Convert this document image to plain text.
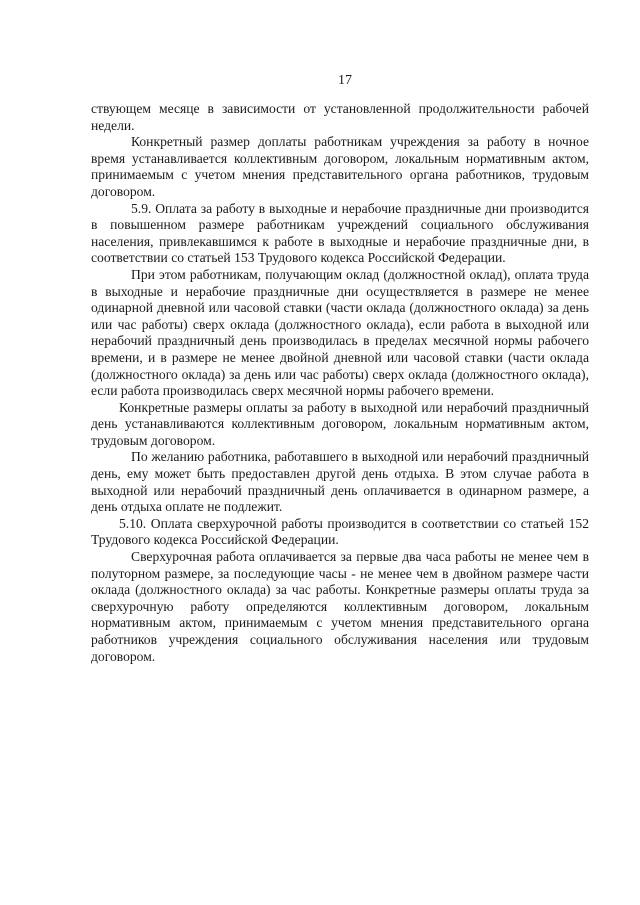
17

ствующем месяце в зависимости от установленной продолжительности рабочей недели.

Конкретный размер доплаты работникам учреждения за работу в ночное время устанавливается коллективным договором, локальным нормативным актом, принимаемым с учетом мнения представительного органа работников, трудовым договором.

5.9. Оплата за работу в выходные и нерабочие праздничные дни производится в повышенном размере работникам учреждений социального обслуживания населения, привлекавшимся к работе в выходные и нерабочие праздничные дни, в соответствии со статьей 153 Трудового кодекса Российской Федерации.

При этом работникам, получающим оклад (должностной оклад), оплата труда в выходные и нерабочие праздничные дни осуществляется в размере не менее одинарной дневной или часовой ставки (части оклада (должностного оклада) за день или час работы) сверх оклада (должностного оклада), если работа в выходной или нерабочий праздничный день производилась в пределах месячной нормы рабочего времени, и в размере не менее двойной дневной или часовой ставки (части оклада (должностного оклада) за день или час работы) сверх оклада (должностного оклада), если работа производилась сверх месячной нормы рабочего времени.

Конкретные размеры оплаты за работу в выходной или нерабочий праздничный день устанавливаются коллективным договором, локальным нормативным актом, трудовым договором.

По желанию работника, работавшего в выходной или нерабочий праздничный день, ему может быть предоставлен другой день отдыха. В этом случае работа в выходной или нерабочий праздничный день оплачивается в одинарном размере, а день отдыха оплате не подлежит.

5.10. Оплата сверхурочной работы производится в соответствии со статьей 152 Трудового кодекса Российской Федерации.

Сверхурочная работа оплачивается за первые два часа работы не менее чем в полуторном размере, за последующие часы - не менее чем в двойном размере части оклада (должностного оклада) за час работы. Конкретные размеры оплаты труда за сверхурочную работу определяются коллективным договором, локальным нормативным актом, принимаемым с учетом мнения представительного органа работников учреждения социального обслуживания населения или трудовым договором.
